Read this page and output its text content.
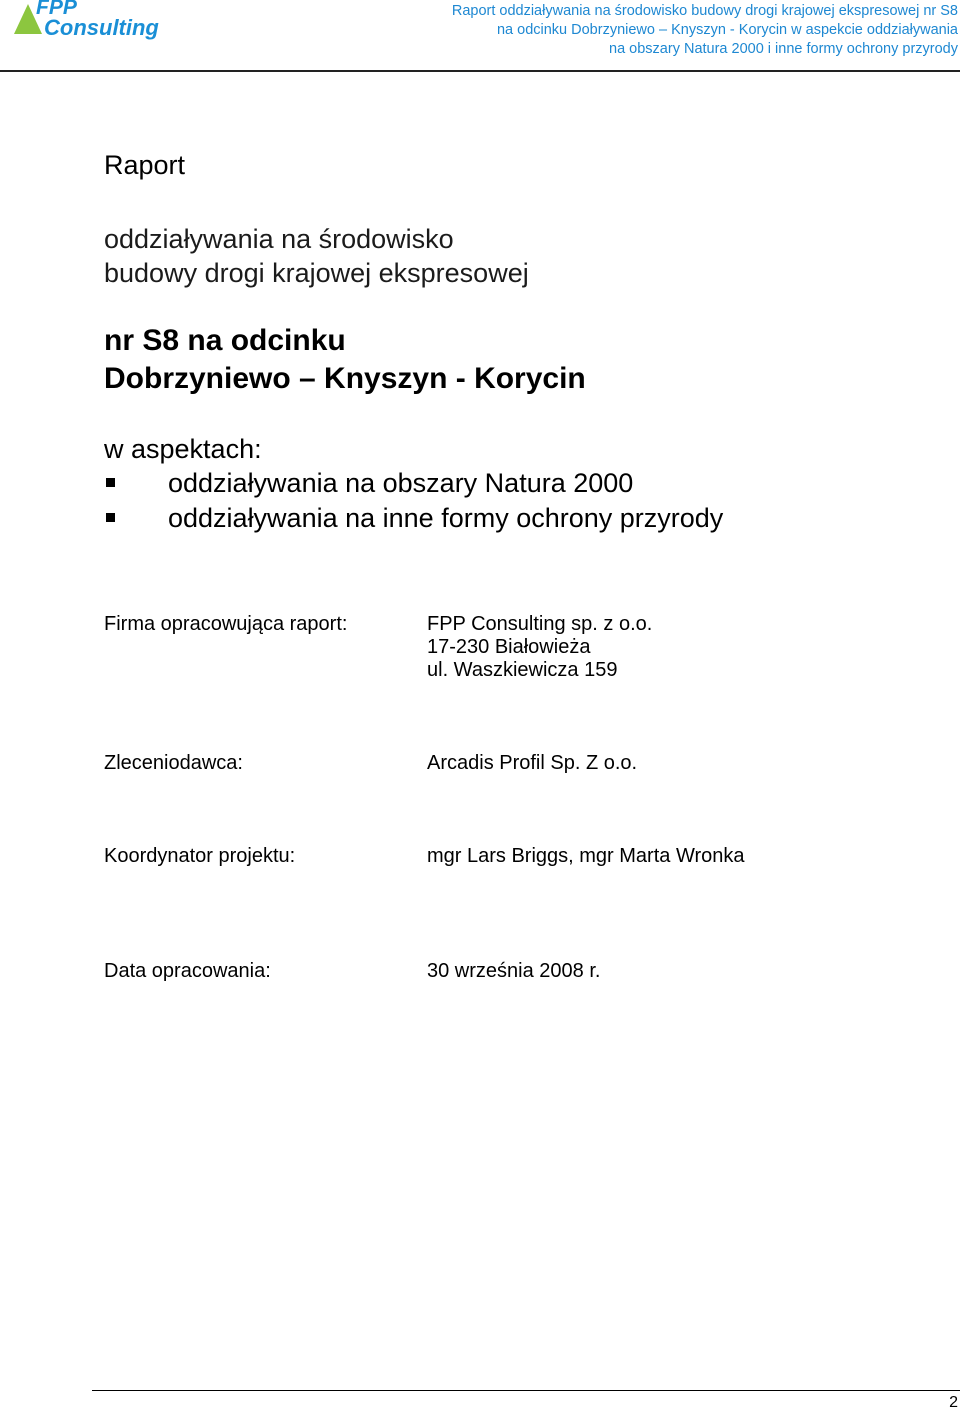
FPP
Consulting
Raport oddziaływania na środowisko budowy drogi krajowej ekspresowej nr S8
na odcinku Dobrzyniewo – Knyszyn - Korycin w aspekcie oddziaływania
na obszary Natura 2000 i inne formy ochrony przyrody
Raport
oddziaływania na środowisko
budowy drogi krajowej ekspresowej
nr S8 na odcinku
Dobrzyniewo – Knyszyn - Korycin
w aspektach:
oddziaływania na obszary Natura 2000
oddziaływania na inne formy ochrony przyrody
Firma opracowująca raport:	FPP Consulting sp. z o.o.
17-230 Białowieża
ul. Waszkiewicza 159
Zleceniodawca:	Arcadis Profil Sp. Z o.o.
Koordynator projektu:	mgr Lars Briggs, mgr Marta Wronka
Data opracowania:	30 września 2008 r.
2
